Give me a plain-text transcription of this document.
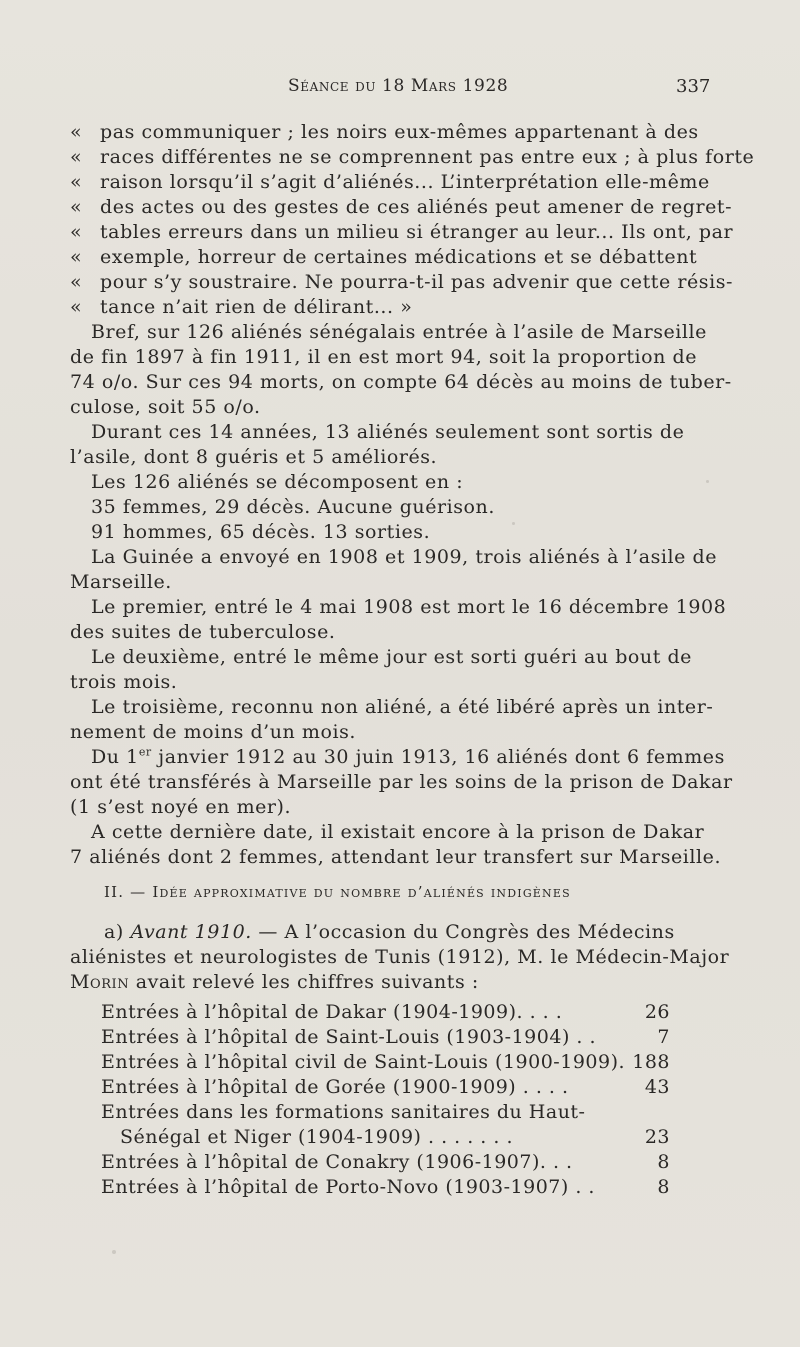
Séance du 18 Mars 1928	337
« pas communiquer ; les noirs eux-mêmes appartenant à des
« races différentes ne se comprennent pas entre eux ; à plus forte
« raison lorsqu’il s’agit d’aliénés... L’interprétation elle-même
« des actes ou des gestes de ces aliénés peut amener de regret-
« tables erreurs dans un milieu si étranger au leur... Ils ont, par
« exemple, horreur de certaines médications et se débattent
« pour s’y soustraire. Ne pourra-t-il pas advenir que cette résis-
« tance n’ait rien de délirant... »
Bref, sur 126 aliénés sénégalais entrée à l’asile de Marseille
de fin 1897 à fin 1911, il en est mort 94, soit la proportion de
74 o/o. Sur ces 94 morts, on compte 64 décès au moins de tuber-
culose, soit 55 o/o.
Durant ces 14 années, 13 aliénés seulement sont sortis de
l’asile, dont 8 guéris et 5 améliorés.
Les 126 aliénés se décomposent en :
35 femmes, 29 décès. Aucune guérison.
91 hommes, 65 décès. 13 sorties.
La Guinée a envoyé en 1908 et 1909, trois aliénés à l’asile de
Marseille.
Le premier, entré le 4 mai 1908 est mort le 16 décembre 1908
des suites de tuberculose.
Le deuxième, entré le même jour est sorti guéri au bout de
trois mois.
Le troisième, reconnu non aliéné, a été libéré après un inter-
nement de moins d’un mois.
Du 1er janvier 1912 au 30 juin 1913, 16 aliénés dont 6 femmes
ont été transférés à Marseille par les soins de la prison de Dakar
(1 s’est noyé en mer).
A cette dernière date, il existait encore à la prison de Dakar
7 aliénés dont 2 femmes, attendant leur transfert sur Marseille.
II. — Idée approximative du nombre d’aliénés indigènes
a) Avant 1910. — A l’occasion du Congrès des Médecins
aliénistes et neurologistes de Tunis (1912), M. le Médecin-Major
Morin avait relevé les chiffres suivants :
Entrées à l’hôpital de Dakar (1904-1909). . . .	26
Entrées à l’hôpital de Saint-Louis (1903-1904) . .	7
Entrées à l’hôpital civil de Saint-Louis (1900-1909). 188
Entrées à l’hôpital de Gorée (1900-1909) . . . .	43
Entrées dans les formations sanitaires du Haut-
Sénégal et Niger (1904-1909) . . . . . . .	23
Entrées à l’hôpital de Conakry (1906-1907). . .	8
Entrées à l’hôpital de Porto-Novo (1903-1907) . .	8
